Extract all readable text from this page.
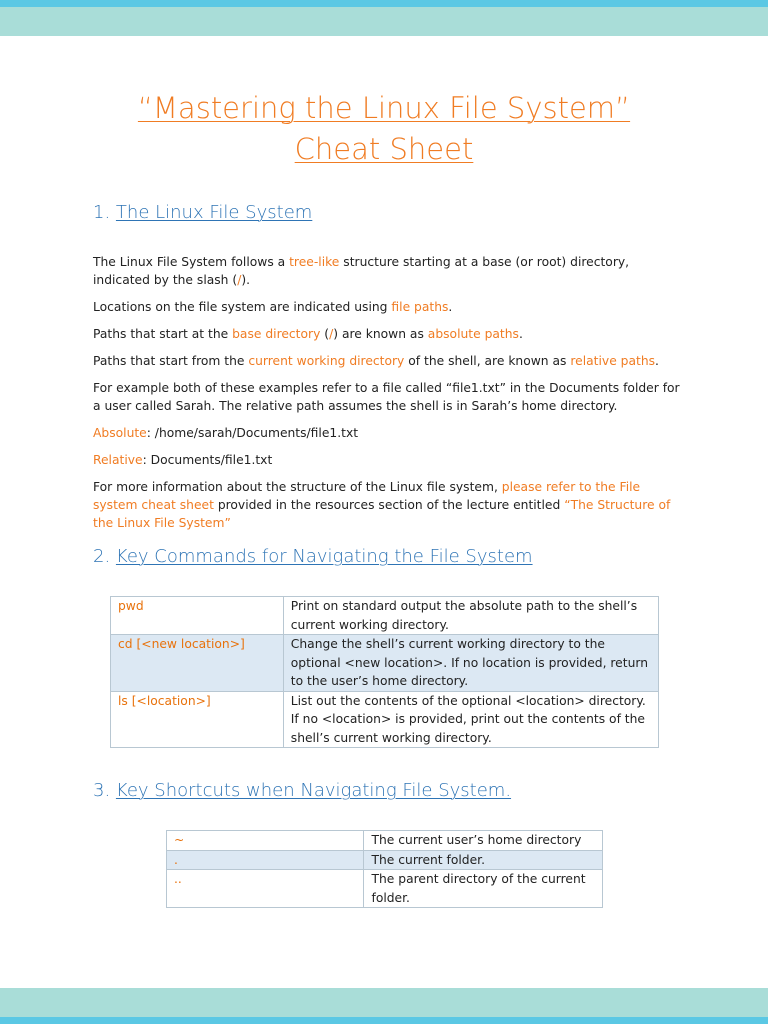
“Mastering the Linux File System”
Cheat Sheet
1. The Linux File System
The Linux File System follows a tree-like structure starting at a base (or root) directory, indicated by the slash (/).
Locations on the file system are indicated using file paths.
Paths that start at the base directory (/) are known as absolute paths.
Paths that start from the current working directory of the shell, are known as relative paths.
For example both of these examples refer to a file called “file1.txt” in the Documents folder for a user called Sarah. The relative path assumes the shell is in Sarah’s home directory.
Absolute: /home/sarah/Documents/file1.txt
Relative: Documents/file1.txt
For more information about the structure of the Linux file system, please refer to the File system cheat sheet provided in the resources section of the lecture entitled “The Structure of the Linux File System”
2. Key Commands for Navigating the File System
pwd	Print on standard output the absolute path to the shell’s current working directory.
cd [<new location>]	Change the shell’s current working directory to the optional <new location>. If no location is provided, return to the user’s home directory.
ls [<location>]	List out the contents of the optional <location> directory. If no <location> is provided, print out the contents of the shell’s current working directory.
3. Key Shortcuts when Navigating File System.
~	The current user’s home directory
.	The current folder.
..	The parent directory of the current folder.
